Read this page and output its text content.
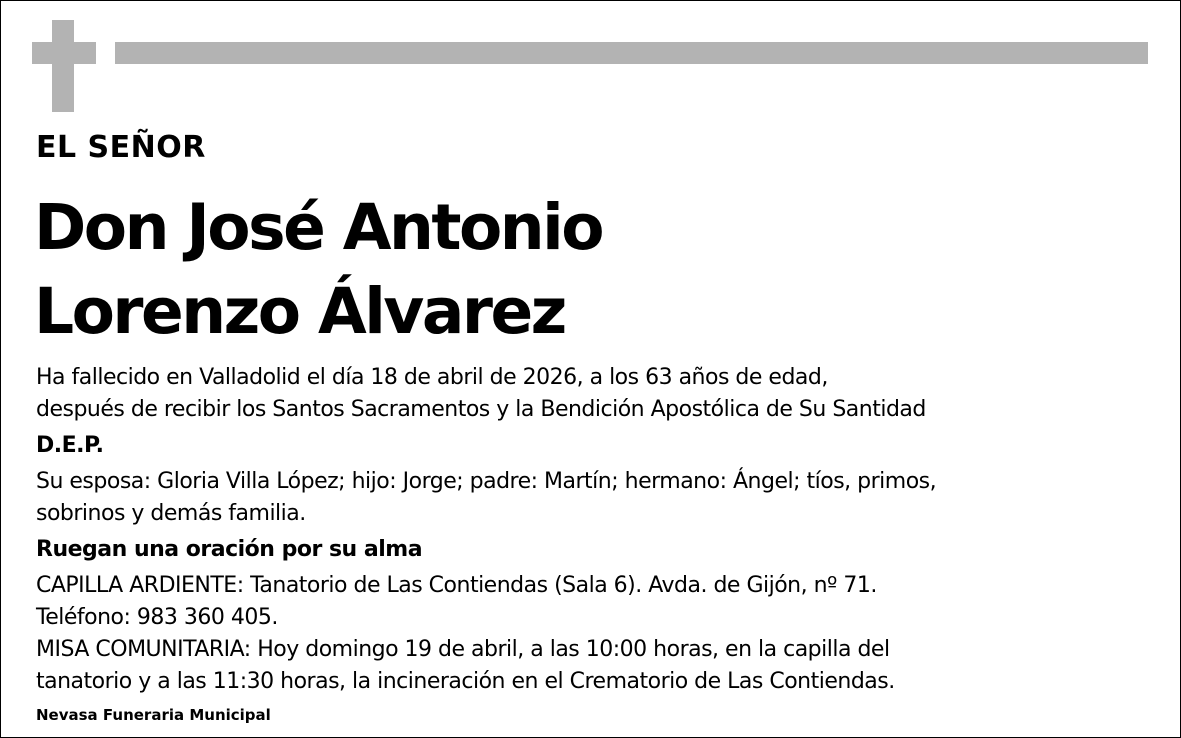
EL SEÑOR
Don José Antonio
Lorenzo Álvarez
Ha fallecido en Valladolid el día 18 de abril de 2026, a los 63 años de edad,
después de recibir los Santos Sacramentos y la Bendición Apostólica de Su Santidad
D.E.P.
Su esposa: Gloria Villa López; hijo: Jorge; padre: Martín; hermano: Ángel; tíos, primos,
sobrinos y demás familia.
Ruegan una oración por su alma
CAPILLA ARDIENTE: Tanatorio de Las Contiendas (Sala 6). Avda. de Gijón, nº 71.
Teléfono: 983 360 405.
MISA COMUNITARIA: Hoy domingo 19 de abril, a las 10:00 horas, en la capilla del
tanatorio y a las 11:30 horas, la incineración en el Crematorio de Las Contiendas.
Nevasa Funeraria Municipal
